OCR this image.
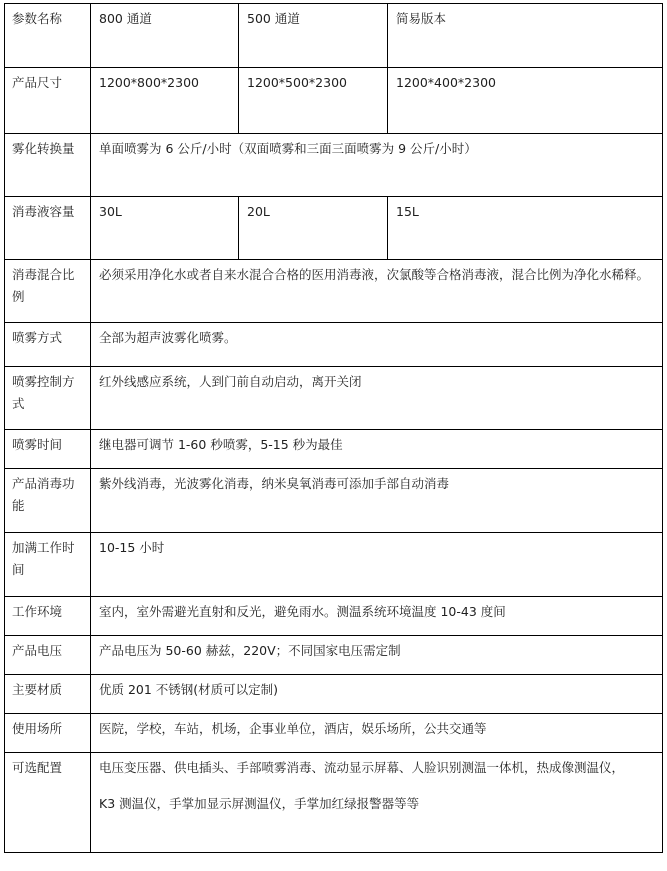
参数名称	800 通道	500 通道	简易版本
产品尺寸	1200*800*2300	1200*500*2300	1200*400*2300
雾化转换量	单面喷雾为 6 公斤/小时（双面喷雾和三面三面喷雾为 9 公斤/小时）		
消毒液容量	30L	20L	15L
消毒混合比例	必须采用净化水或者自来水混合合格的医用消毒液，次氯酸等合格消毒液，混合比例为净化水稀释。		
喷雾方式	全部为超声波雾化喷雾。		
喷雾控制方式	红外线感应系统，人到门前自动启动，离开关闭		
喷雾时间	继电器可调节 1-60 秒喷雾，5-15 秒为最佳		
产品消毒功能	紫外线消毒，光波雾化消毒，纳米臭氧消毒可添加手部自动消毒		
加满工作时间	10-15 小时		
工作环境	室内，室外需避光直射和反光，避免雨水。测温系统环境温度 10-43 度间		
产品电压	产品电压为 50-60 赫兹，220V；不同国家电压需定制		
主要材质	优质 201 不锈钢(材质可以定制)		
使用场所	医院，学校，车站，机场，企事业单位，酒店，娱乐场所，公共交通等		
可选配置	电压变压器、供电插头、手部喷雾消毒、流动显示屏幕、人脸识别测温一体机，热成像测温仪，
K3 测温仪，手掌加显示屏测温仪，手掌加红绿报警器等等		
